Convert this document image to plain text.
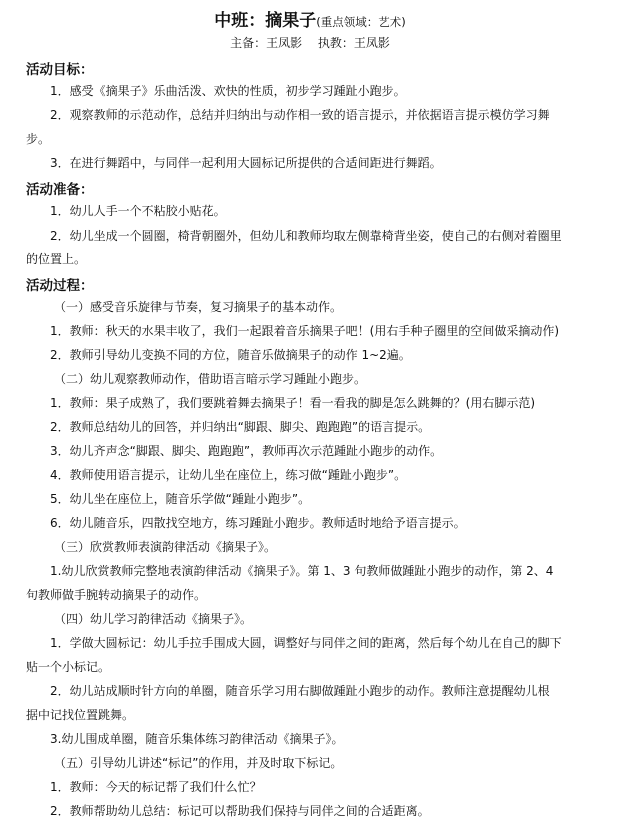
中班：摘果子(重点领域：艺术)
主备：王凤影 执教：王凤影
活动目标：
1．感受《摘果子》乐曲活泼、欢快的性质，初步学习踵趾小跑步。
2．观察教师的示范动作，总结并归纳出与动作相一致的语言提示，并依据语言提示模仿学习舞
步。
3．在进行舞蹈中，与同伴一起利用大圆标记所提供的合适间距进行舞蹈。
活动准备：
1．幼儿人手一个不粘胶小贴花。
2．幼儿坐成一个圆圈，椅背朝圈外，但幼儿和教师均取左侧靠椅背坐姿，使自己的右侧对着圈里
的位置上。
活动过程：
（一）感受音乐旋律与节奏，复习摘果子的基本动作。
1．教师：秋天的水果丰收了，我们一起跟着音乐摘果子吧！(用右手种子圈里的空间做采摘动作)
2．教师引导幼儿变换不同的方位，随音乐做摘果子的动作 1~2遍。
（二）幼儿观察教师动作，借助语言暗示学习踵趾小跑步。
1．教师：果子成熟了，我们要跳着舞去摘果子！看一看我的脚是怎么跳舞的？(用右脚示范)
2．教师总结幼儿的回答，并归纳出“脚跟、脚尖、跑跑跑”的语言提示。
3．幼儿齐声念“脚跟、脚尖、跑跑跑”，教师再次示范踵趾小跑步的动作。
4．教师使用语言提示，让幼儿坐在座位上，练习做“踵趾小跑步”。
5．幼儿坐在座位上，随音乐学做“踵趾小跑步”。
6．幼儿随音乐，四散找空地方，练习踵趾小跑步。教师适时地给予语言提示。
（三）欣赏教师表演韵律活动《摘果子》。
1.幼儿欣赏教师完整地表演韵律活动《摘果子》。第 1、3 句教师做踵趾小跑步的动作，第 2、4
句教师做手腕转动摘果子的动作。
（四）幼儿学习韵律活动《摘果子》。
1．学做大圆标记：幼儿手拉手围成大圆，调整好与同伴之间的距离，然后每个幼儿在自己的脚下
贴一个小标记。
2．幼儿站成顺时针方向的单圈，随音乐学习用右脚做踵趾小跑步的动作。教师注意提醒幼儿根
据中记找位置跳舞。
3.幼儿围成单圈，随音乐集体练习韵律活动《摘果子》。
（五）引导幼儿讲述“标记”的作用，并及时取下标记。
1．教师：今天的标记帮了我们什么忙？
2．教师帮助幼儿总结：标记可以帮助我们保持与同伴之间的合适距离。
